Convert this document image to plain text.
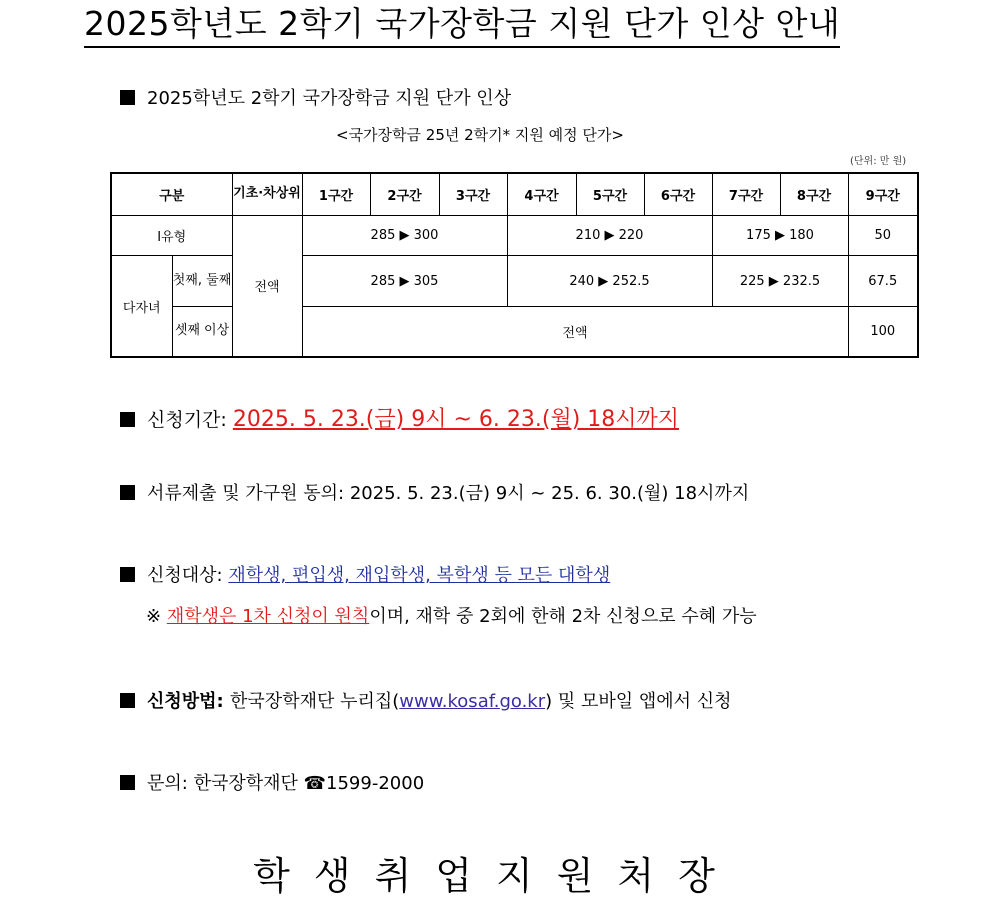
2025학년도 2학기 국가장학금 지원 단가 인상 안내
2025학년도 2학기 국가장학금 지원 단가 인상
<국가장학금 25년 2학기* 지원 예정 단가>
(단위: 만 원)
구분		기초·차상위	1구간	2구간	3구간	4구간	5구간	6구간	7구간	8구간	9구간
Ⅰ유형		전액	285 ▶ 300			210 ▶ 220			175 ▶ 180		50
다자녀	첫째, 둘째		285 ▶ 305			240 ▶ 252.5			225 ▶ 232.5		67.5
	셋째 이상		전액								100
신청기간: 2025. 5. 23.(금) 9시 ~ 6. 23.(월) 18시까지
서류제출 및 가구원 동의: 2025. 5. 23.(금) 9시 ~ 25. 6. 30.(월) 18시까지
신청대상: 재학생, 편입생, 재입학생, 복학생 등 모든 대학생
※ 재학생은 1차 신청이 원칙이며, 재학 중 2회에 한해 2차 신청으로 수혜 가능
신청방법: 한국장학재단 누리집(www.kosaf.go.kr) 및 모바일 앱에서 신청
문의: 한국장학재단 ☎1599-2000
학생취업지원처장
